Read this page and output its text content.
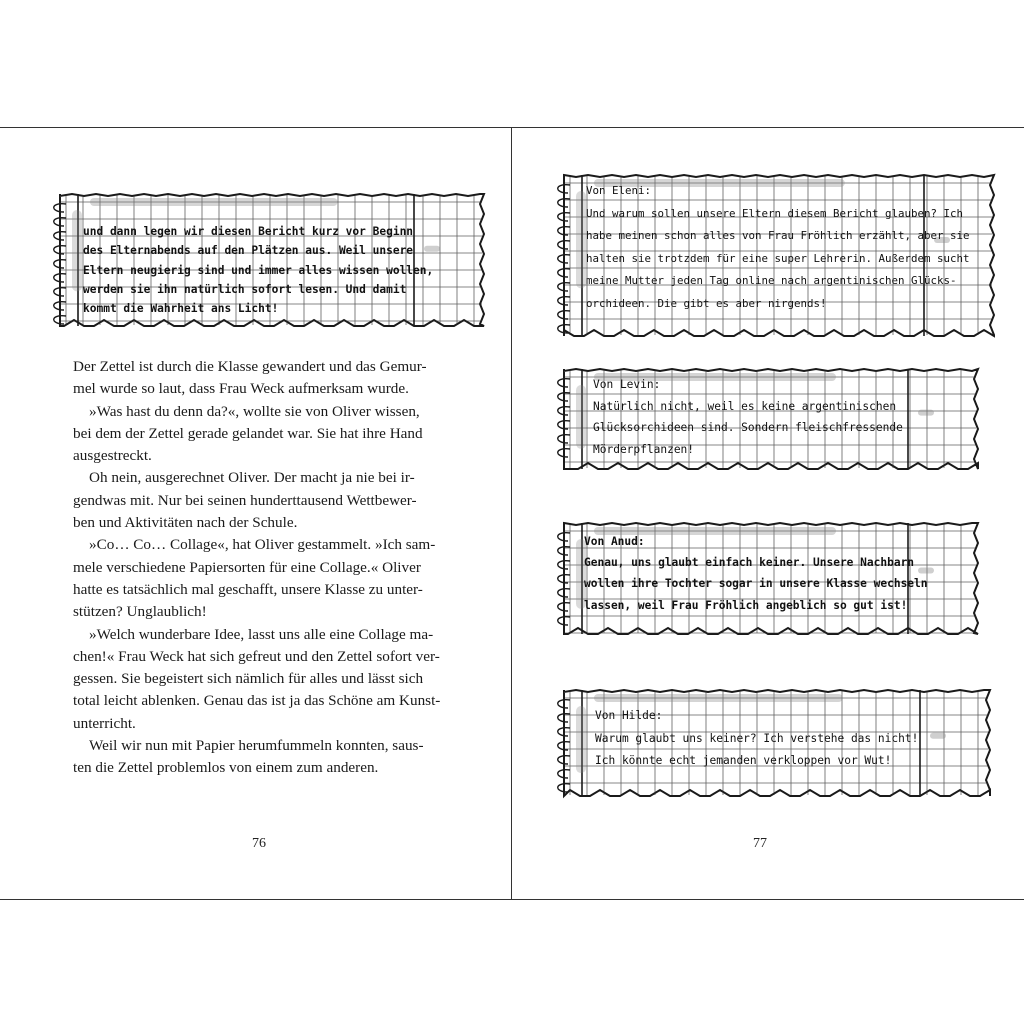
und dann legen wir diesen Bericht kurz vor Beginn
des Elternabends auf den Plätzen aus. Weil unsere
Eltern neugierig sind und immer alles wissen wollen,
werden sie ihn natürlich sofort lesen. Und damit
kommt die Wahrheit ans Licht!

Der Zettel ist durch die Klasse gewandert und das Gemur-
mel wurde so laut, dass Frau Weck aufmerksam wurde.

»Was hast du denn da?«, wollte sie von Oliver wissen,
bei dem der Zettel gerade gelandet war. Sie hat ihre Hand
ausgestreckt.

Oh nein, ausgerechnet Oliver. Der macht ja nie bei ir-
gendwas mit. Nur bei seinen hunderttausend Wettbewer-
ben und Aktivitäten nach der Schule.

»Co… Co… Collage«, hat Oliver gestammelt. »Ich sam-
mele verschiedene Papiersorten für eine Collage.« Oliver
hatte es tatsächlich mal geschafft, unsere Klasse zu unter-
stützen? Unglaublich!

»Welch wunderbare Idee, lasst uns alle eine Collage ma-
chen!« Frau Weck hat sich gefreut und den Zettel sofort ver-
gessen. Sie begeistert sich nämlich für alles und lässt sich
total leicht ablenken. Genau das ist ja das Schöne am Kunst-
unterricht.

Weil wir nun mit Papier herumfummeln konnten, saus-
ten die Zettel problemlos von einem zum anderen.

76
Von Eleni:
Und warum sollen unsere Eltern diesem Bericht glauben? Ich
habe meinen schon alles von Frau Fröhlich erzählt, aber sie
halten sie trotzdem für eine super Lehrerin. Außerdem sucht
meine Mutter jeden Tag online nach argentinischen Glücks-
orchideen. Die gibt es aber nirgends!
Von Levin:
Natürlich nicht, weil es keine argentinischen
Glücksorchideen sind. Sondern fleischfressende
Mörderpflanzen!
Von Anud:
Genau, uns glaubt einfach keiner. Unsere Nachbarn
wollen ihre Tochter sogar in unsere Klasse wechseln
lassen, weil Frau Fröhlich angeblich so gut ist!
Von Hilde:
Warum glaubt uns keiner? Ich verstehe das nicht!
Ich könnte echt jemanden verkloppen vor Wut!
77
